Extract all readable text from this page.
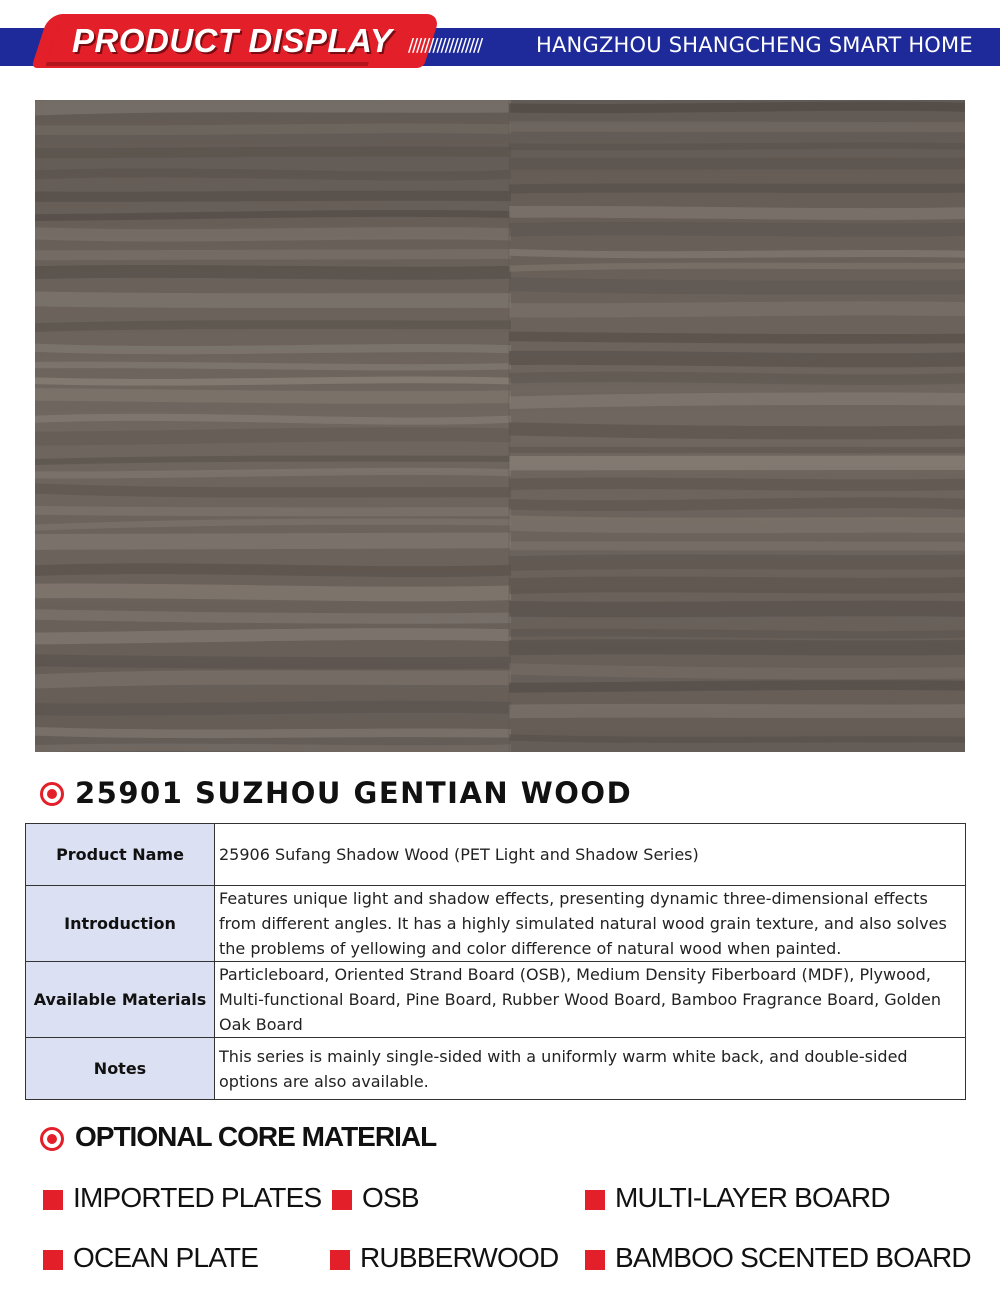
PRODUCT DISPLAY //////////////////	HANGZHOU SHANGCHENG SMART HOME
25901 SUZHOU GENTIAN WOOD
Product Name	25906 Sufang Shadow Wood (PET Light and Shadow Series)
Introduction	Features unique light and shadow effects, presenting dynamic three-dimensional effects from different angles. It has a highly simulated natural wood grain texture, and also solves the problems of yellowing and color difference of natural wood when painted.
Available Materials	Particleboard, Oriented Strand Board (OSB), Medium Density Fiberboard (MDF), Plywood, Multi-functional Board, Pine Board, Rubber Wood Board, Bamboo Fragrance Board, Golden Oak Board
Notes	This series is mainly single-sided with a uniformly warm white back, and double-sided options are also available.
OPTIONAL CORE MATERIAL
IMPORTED PLATES OSB	MULTI-LAYER BOARD
OCEAN PLATE	RUBBERWOOD BAMBOO SCENTED BOARD
